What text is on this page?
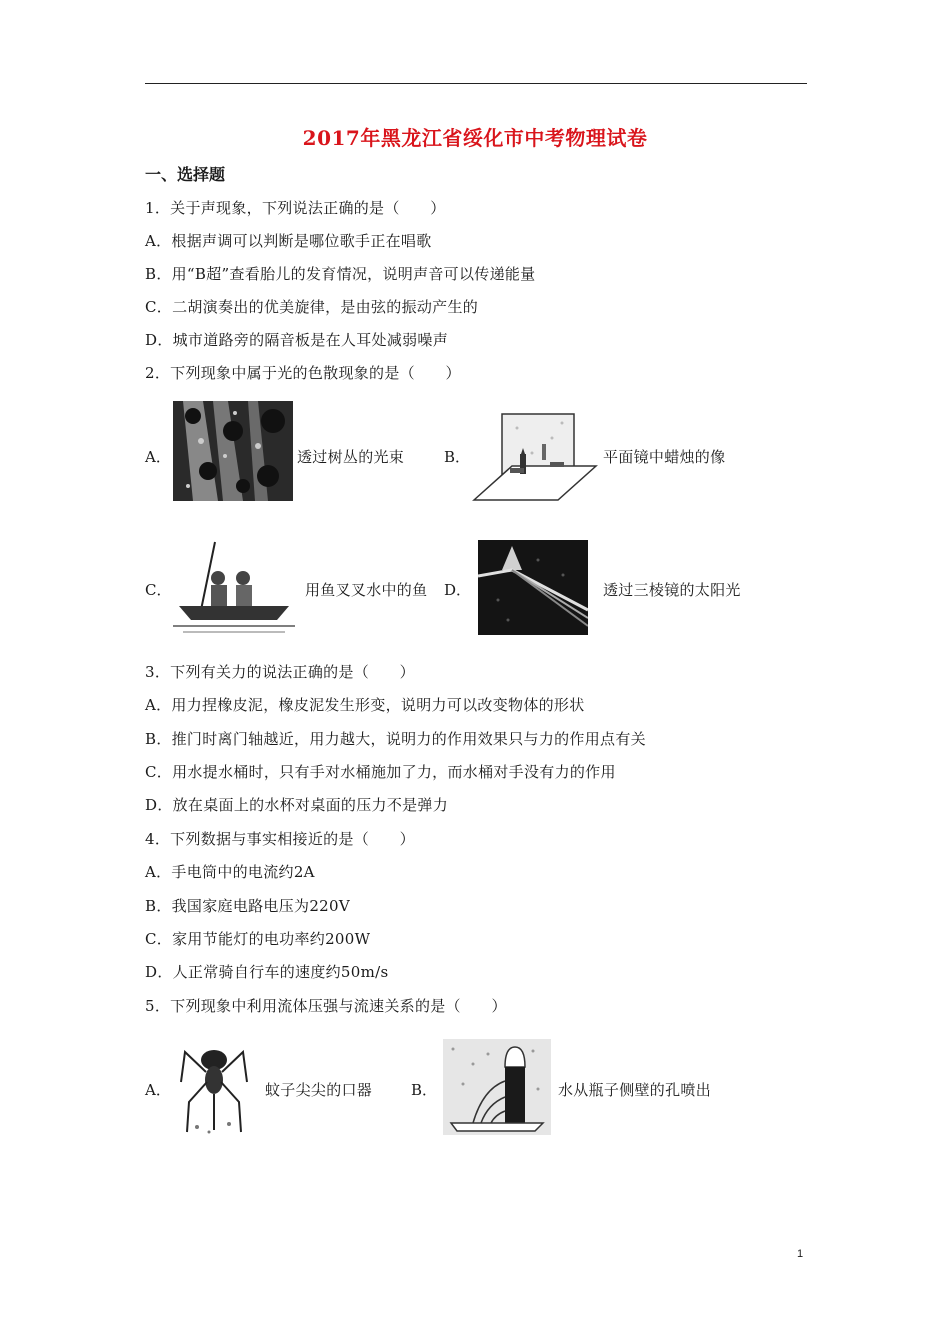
2017年黑龙江省绥化市中考物理试卷
一、选择题
1．关于声现象，下列说法正确的是（　　）
A．根据声调可以判断是哪位歌手正在唱歌
B．用“B超”查看胎儿的发育情况，说明声音可以传递能量
C．二胡演奏出的优美旋律，是由弦的振动产生的
D．城市道路旁的隔音板是在人耳处减弱噪声
2．下列现象中属于光的色散现象的是（　　）
A．	透过树丛的光束	B．	平面镜中蜡烛的像
C．	用鱼叉叉水中的鱼 D．	透过三棱镜的太阳光
3．下列有关力的说法正确的是（　　）
A．用力捏橡皮泥，橡皮泥发生形变，说明力可以改变物体的形状
B．推门时离门轴越近，用力越大，说明力的作用效果只与力的作用点有关
C．用水提水桶时，只有手对水桶施加了力，而水桶对手没有力的作用
D．放在桌面上的水杯对桌面的压力不是弹力
4．下列数据与事实相接近的是（　　）
A．手电筒中的电流约2A
B．我国家庭电路电压为220V
C．家用节能灯的电功率约200W
D．人正常骑自行车的速度约50m/s
5．下列现象中利用流体压强与流速关系的是（　　）
A．	蚊子尖尖的口器	B．	水从瓶子侧壁的孔喷出
1
